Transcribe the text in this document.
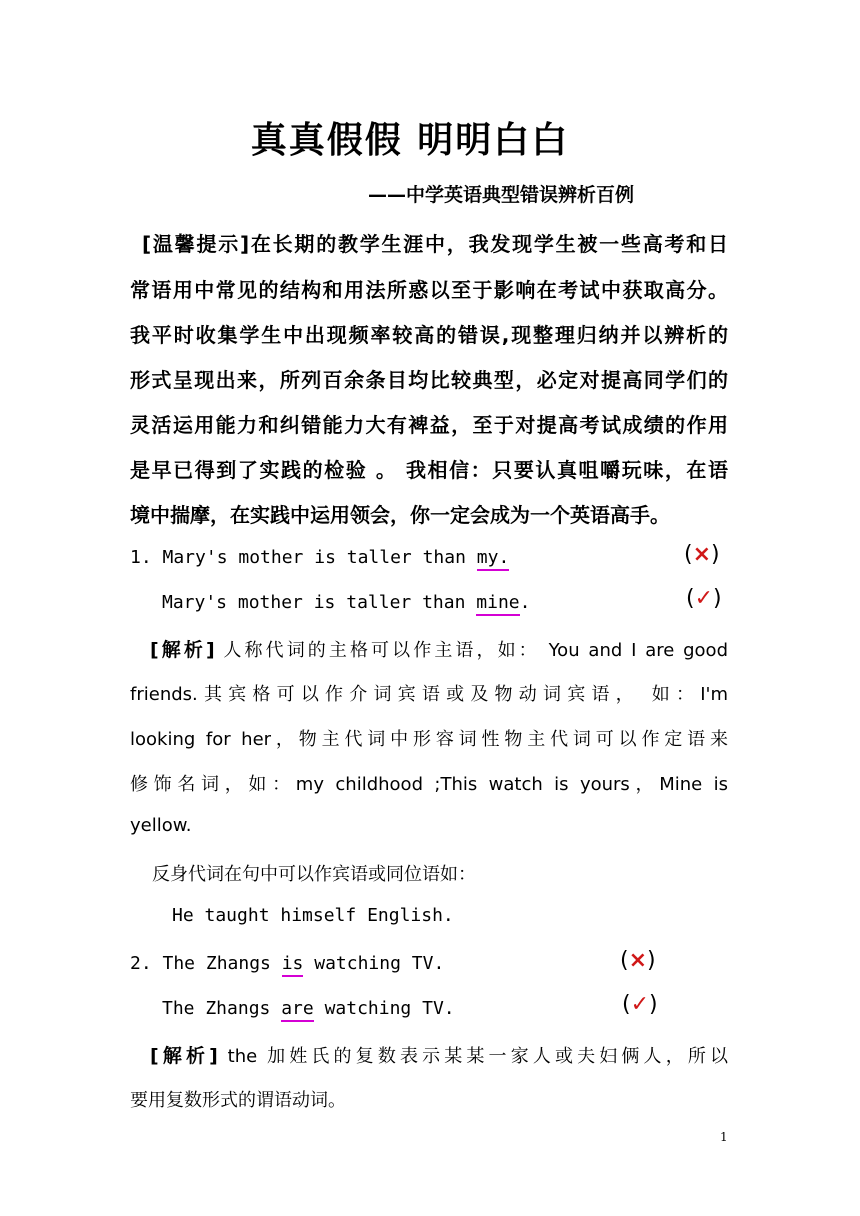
真真假假 明明白白
——中学英语典型错误辨析百例
[温馨提示]在长期的教学生涯中，我发现学生被一些高考和日
常语用中常见的结构和用法所惑以至于影响在考试中获取高分。
我平时收集学生中出现频率较高的错误,现整理归纳并以辨析的
形式呈现出来，所列百余条目均比较典型，必定对提高同学们的
灵活运用能力和纠错能力大有裨益，至于对提高考试成绩的作用
是早已得到了实践的检验 。 我相信：只要认真咀嚼玩味，在语
境中揣摩，在实践中运用领会，你一定会成为一个英语高手。
1. Mary's mother is taller than my.	(×)
Mary's mother is taller than mine.	(✓)
[解析] 人称代词的主格可以作主语，如： You and I are good
friends.其宾格可以作介词宾语或及物动词宾语， 如：I'm
looking for her，物主代词中形容词性物主代词可以作定语来
修饰名词，如：my childhood ;This watch is yours，Mine is
yellow.
反身代词在句中可以作宾语或同位语如：
He taught himself English.
2. The Zhangs is watching TV.	(×)
The Zhangs are watching TV.	(✓)
[解析] the 加姓氏的复数表示某某一家人或夫妇俩人，所以
要用复数形式的谓语动词。
1
